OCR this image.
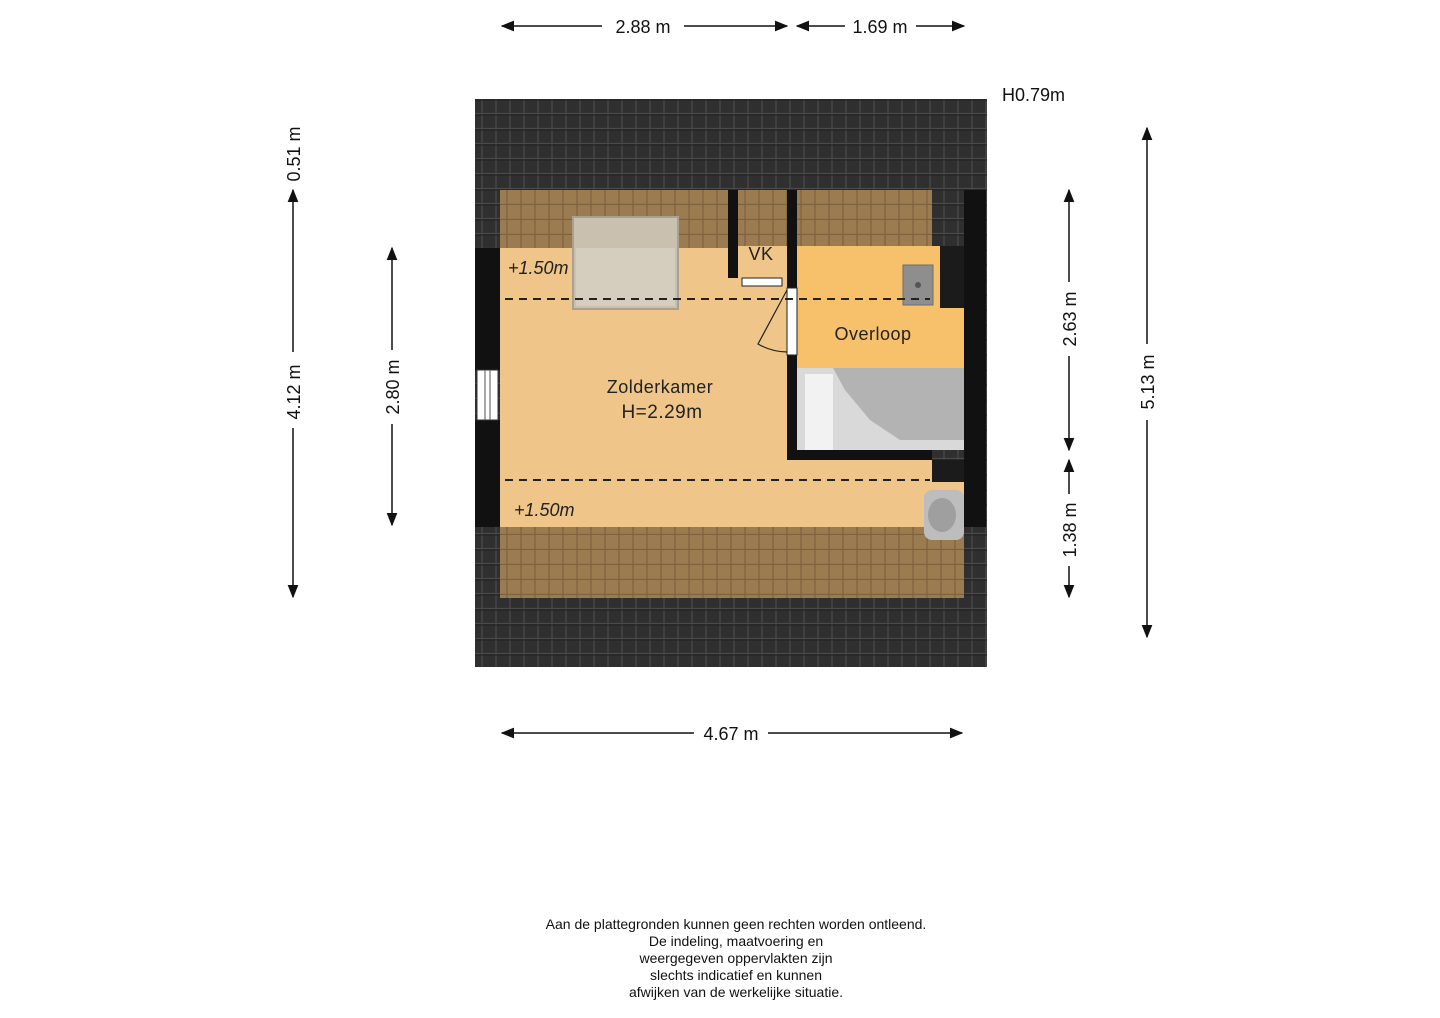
Zolderkamer
H=2.29m
Overloop
VK
+1.50m
+1.50m
2.88 m	1.69 m
H0.79m
4.67 m
0.51 m
4.12 m	2.80 m
2.63 m
1.38 m
5.13 m
Aan de plattegronden kunnen geen rechten worden ontleend.
De indeling, maatvoering en
weergegeven oppervlakten zijn
slechts indicatief en kunnen
afwijken van de werkelijke situatie.
